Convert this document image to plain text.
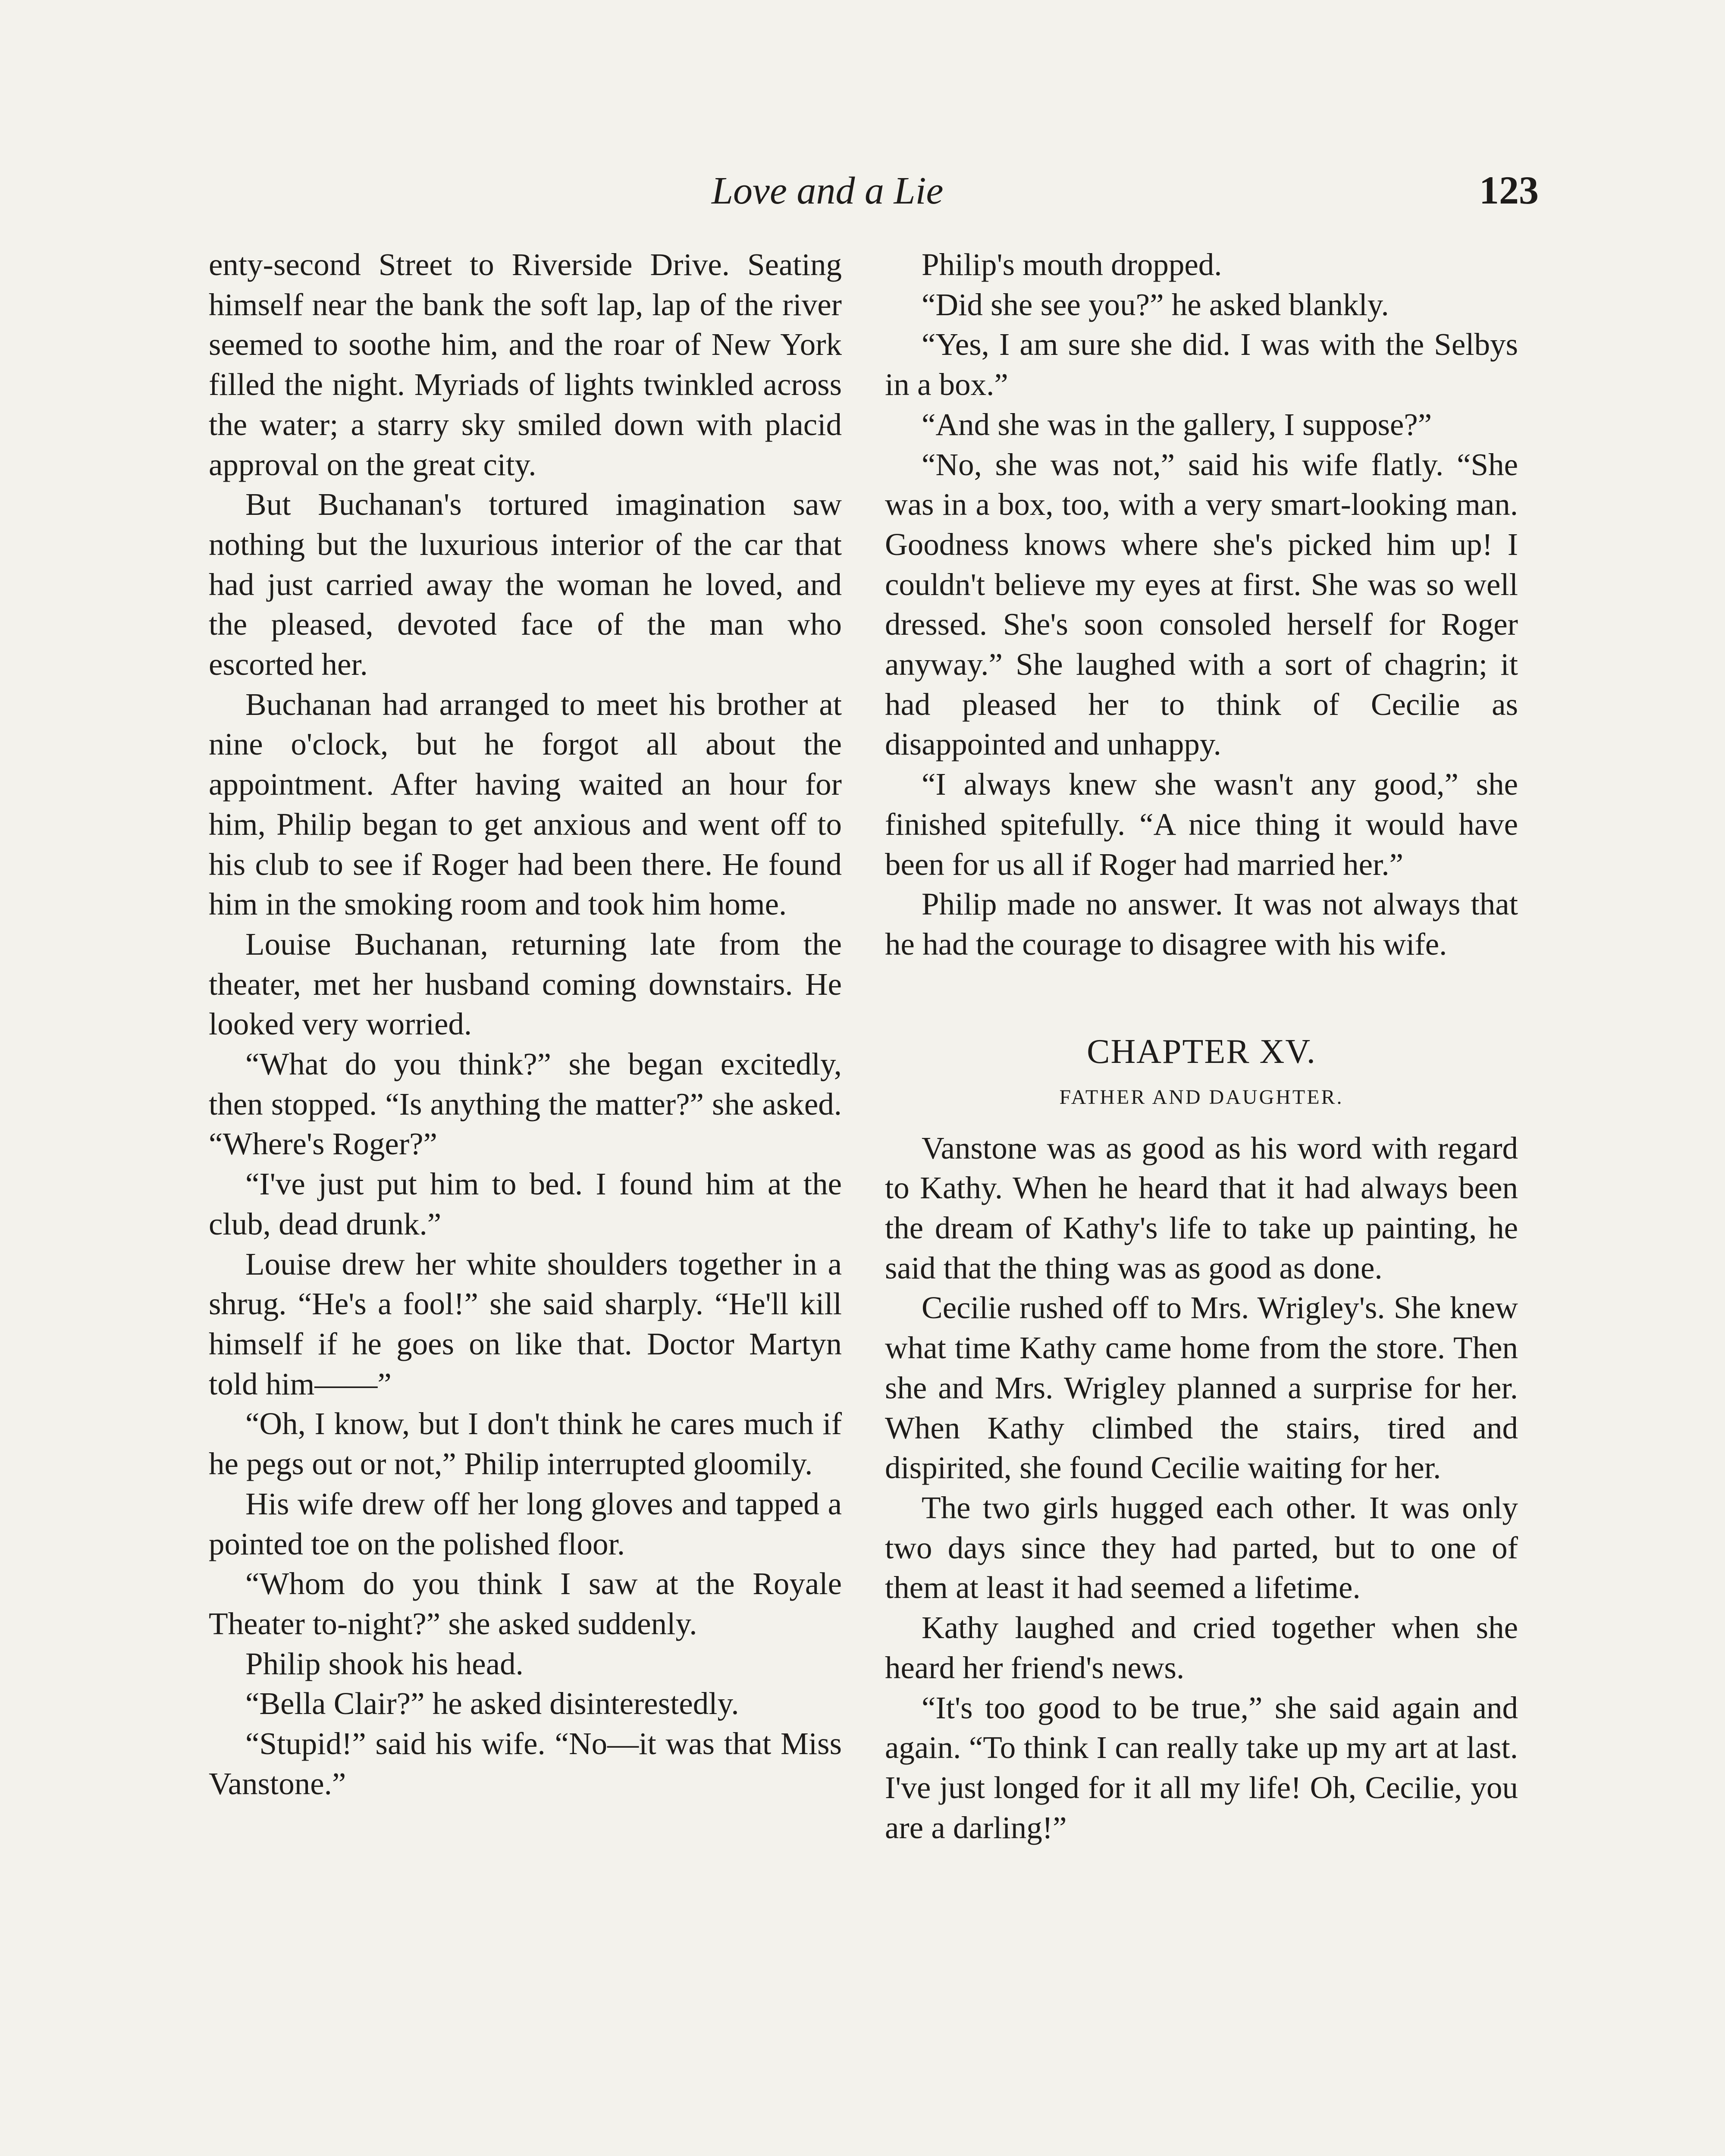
Love and a Lie	123

enty-second Street to Riverside Drive. Seating himself near the bank the soft lap, lap of the river seemed to soothe him, and the roar of New York filled the night. Myriads of lights twinkled across the water; a starry sky smiled down with placid approval on the great city.

But Buchanan's tortured imagination saw nothing but the luxurious interior of the car that had just carried away the woman he loved, and the pleased, devoted face of the man who escorted her.

Buchanan had arranged to meet his brother at nine o'clock, but he forgot all about the appointment. After having waited an hour for him, Philip began to get anxious and went off to his club to see if Roger had been there. He found him in the smoking room and took him home.

Louise Buchanan, returning late from the theater, met her husband coming downstairs. He looked very worried.

“What do you think?” she began excitedly, then stopped. “Is anything the matter?” she asked. “Where's Roger?”

“I've just put him to bed. I found him at the club, dead drunk.”

Louise drew her white shoulders together in a shrug. “He's a fool!” she said sharply. “He'll kill himself if he goes on like that. Doctor Martyn told him——”

“Oh, I know, but I don't think he cares much if he pegs out or not,” Philip interrupted gloomily.

His wife drew off her long gloves and tapped a pointed toe on the polished floor.

“Whom do you think I saw at the Royale Theater to-night?” she asked suddenly.

Philip shook his head.

“Bella Clair?” he asked disinterestedly.

“Stupid!” said his wife. “No—it was that Miss Vanstone.”

Philip's mouth dropped.

“Did she see you?” he asked blankly.

“Yes, I am sure she did. I was with the Selbys in a box.”

“And she was in the gallery, I suppose?”

“No, she was not,” said his wife flatly. “She was in a box, too, with a very smart-looking man. Goodness knows where she's picked him up! I couldn't believe my eyes at first. She was so well dressed. She's soon consoled herself for Roger anyway.” She laughed with a sort of chagrin; it had pleased her to think of Cecilie as disappointed and unhappy.

“I always knew she wasn't any good,” she finished spitefully. “A nice thing it would have been for us all if Roger had married her.”

Philip made no answer. It was not always that he had the courage to disagree with his wife.

CHAPTER XV.
FATHER AND DAUGHTER.

Vanstone was as good as his word with regard to Kathy. When he heard that it had always been the dream of Kathy's life to take up painting, he said that the thing was as good as done.

Cecilie rushed off to Mrs. Wrigley's. She knew what time Kathy came home from the store. Then she and Mrs. Wrigley planned a surprise for her. When Kathy climbed the stairs, tired and dispirited, she found Cecilie waiting for her.

The two girls hugged each other. It was only two days since they had parted, but to one of them at least it had seemed a lifetime.

Kathy laughed and cried together when she heard her friend's news.

“It's too good to be true,” she said again and again. “To think I can really take up my art at last. I've just longed for it all my life! Oh, Cecilie, you are a darling!”
